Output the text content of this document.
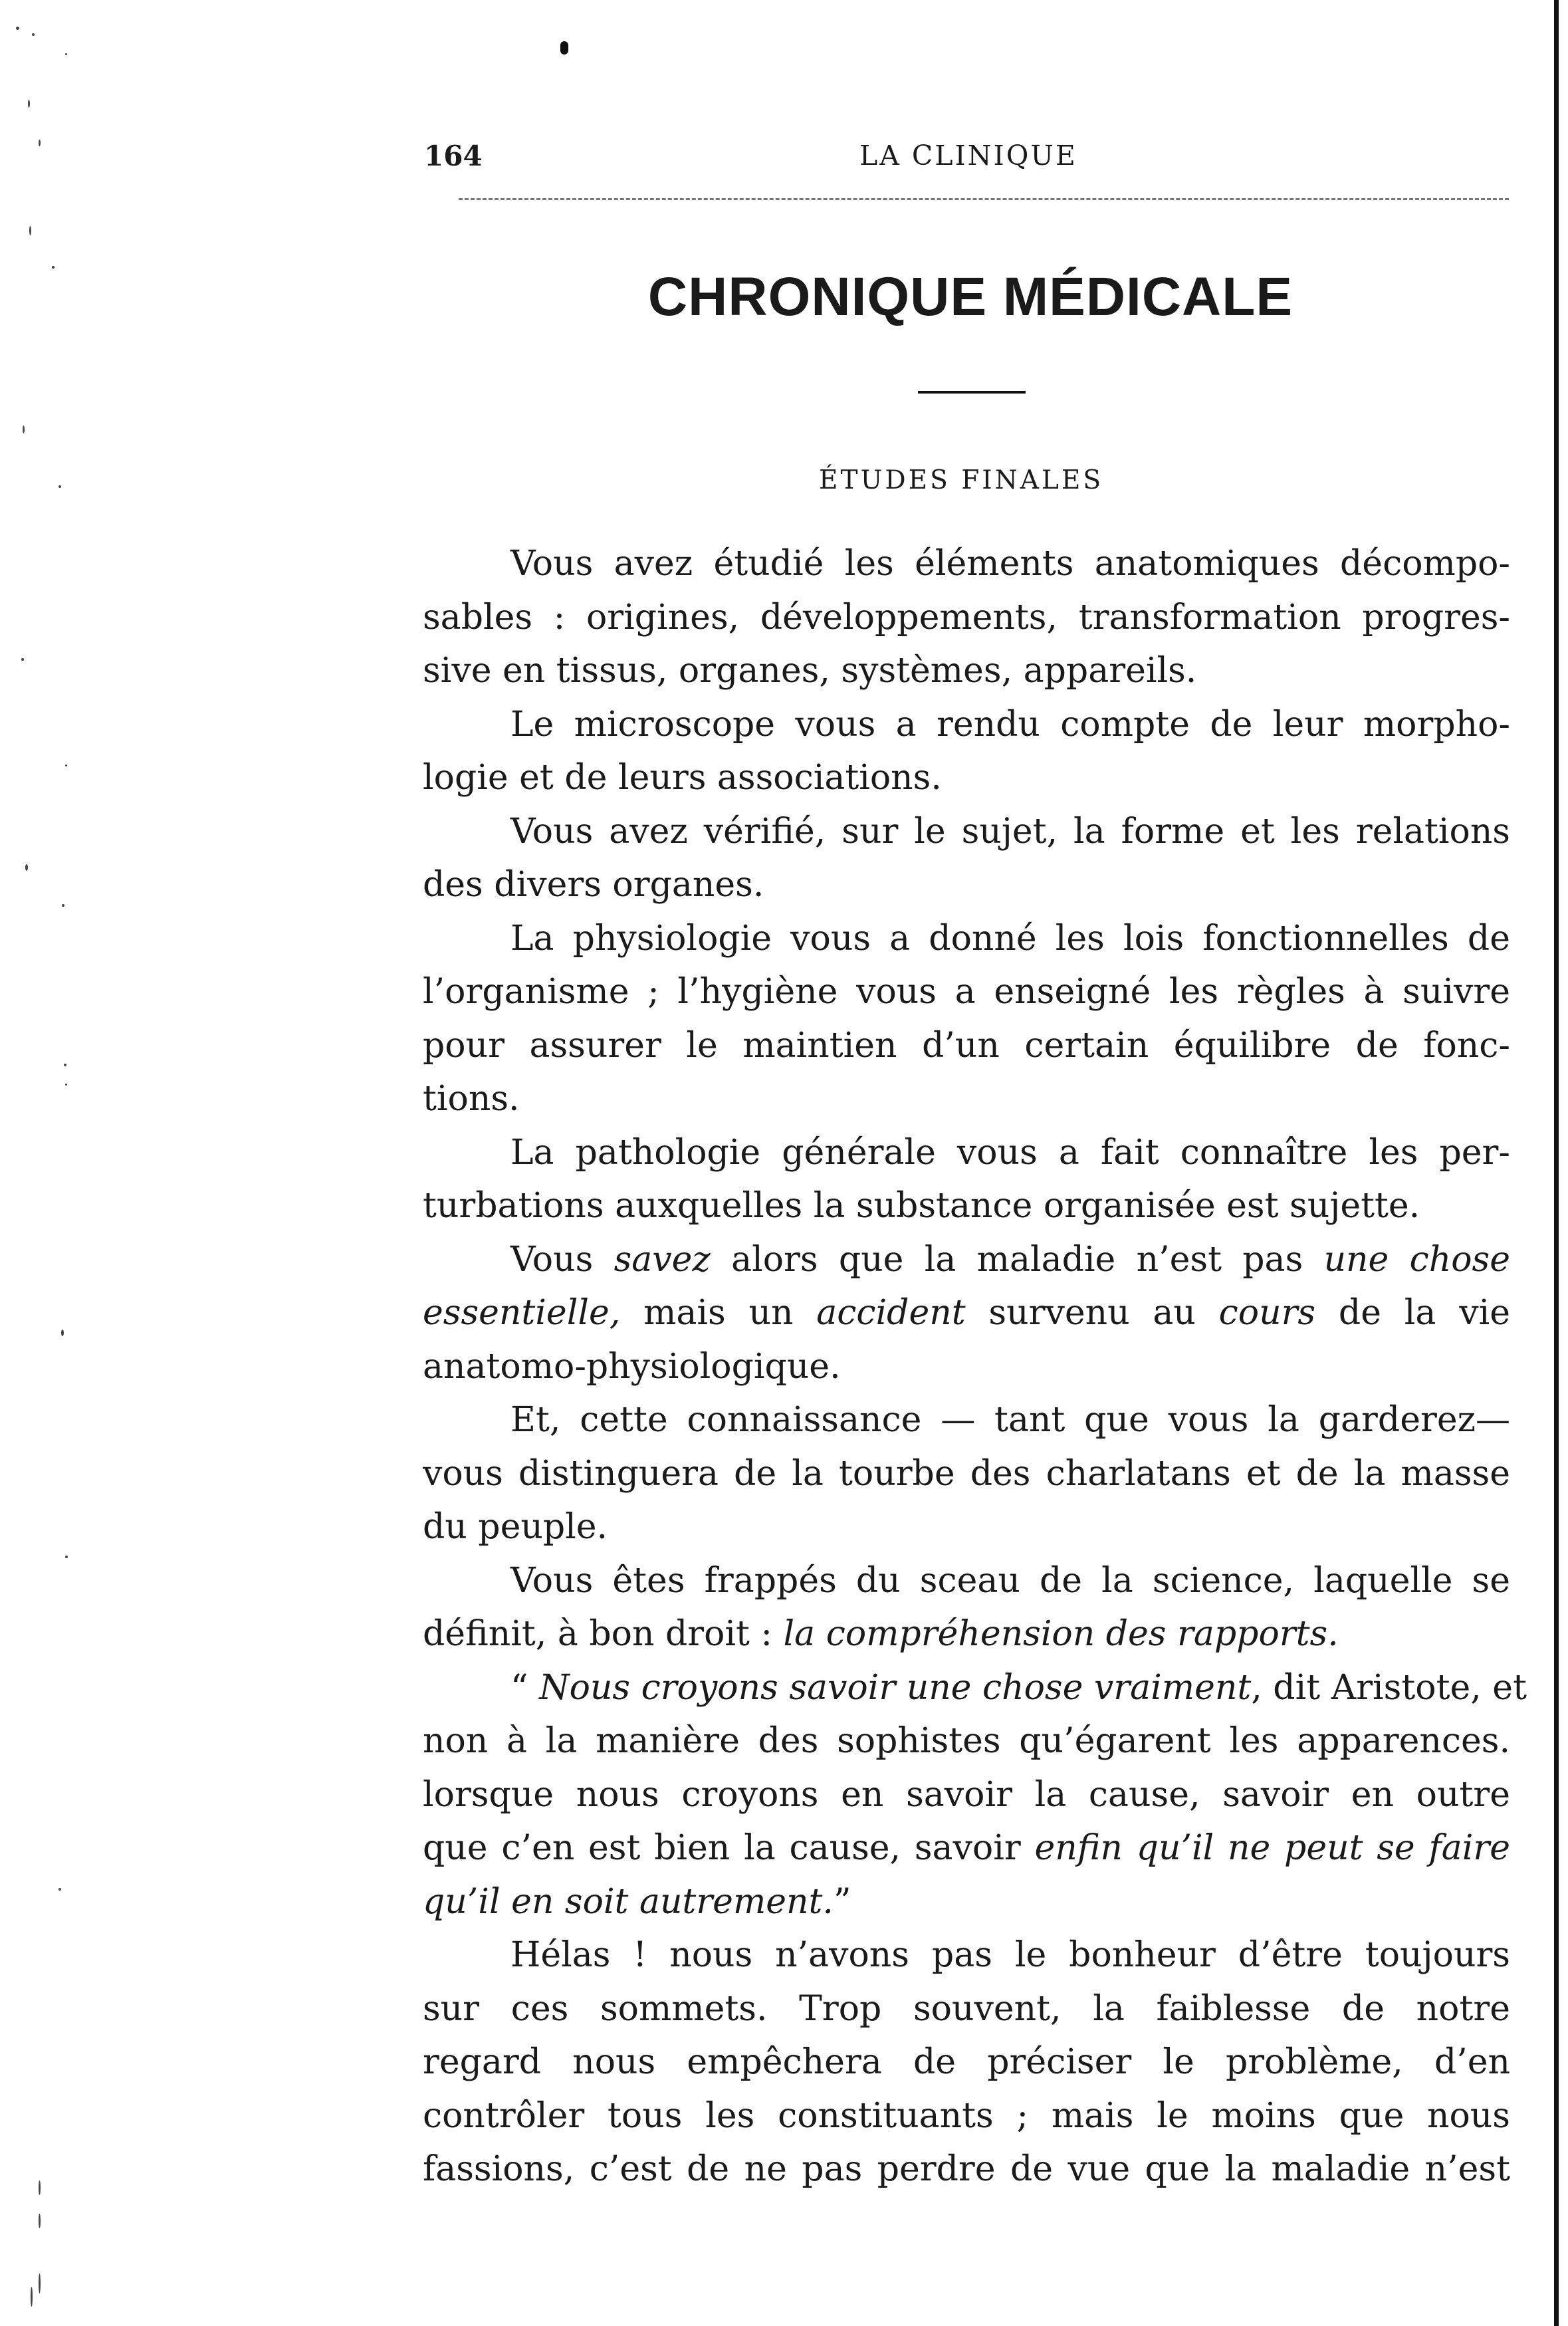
164	LA CLINIQUE
CHRONIQUE MÉDICALE
ÉTUDES FINALES
Vous avez étudié les éléments anatomiques décompo-
sables : origines, développements, transformation progres-
sive en tissus, organes, systèmes, appareils.
Le microscope vous a rendu compte de leur morpho-
logie et de leurs associations.
Vous avez vérifié, sur le sujet, la forme et les relations
des divers organes.
La physiologie vous a donné les lois fonctionnelles de
l’organisme ; l’hygiène vous a enseigné les règles à suivre
pour assurer le maintien d’un certain équilibre de fonc-
tions.
La pathologie générale vous a fait connaître les per-
turbations auxquelles la substance organisée est sujette.
Vous savez alors que la maladie n’est pas une chose
essentielle, mais un accident survenu au cours de la vie
anatomo-physiologique.
Et, cette connaissance — tant que vous la garderez—
vous distinguera de la tourbe des charlatans et de la masse
du peuple.
Vous êtes frappés du sceau de la science, laquelle se
définit, à bon droit : la compréhension des rapports.
“ Nous croyons savoir une chose vraiment, dit Aristote, et
non à la manière des sophistes qu’égarent les apparences.
lorsque nous croyons en savoir la cause, savoir en outre
que c’en est bien la cause, savoir enfin qu’il ne peut se faire
qu’il en soit autrement.”
Hélas ! nous n’avons pas le bonheur d’être toujours
sur ces sommets. Trop souvent, la faiblesse de notre
regard nous empêchera de préciser le problème, d’en
contrôler tous les constituants ; mais le moins que nous
fassions, c’est de ne pas perdre de vue que la maladie n’est
